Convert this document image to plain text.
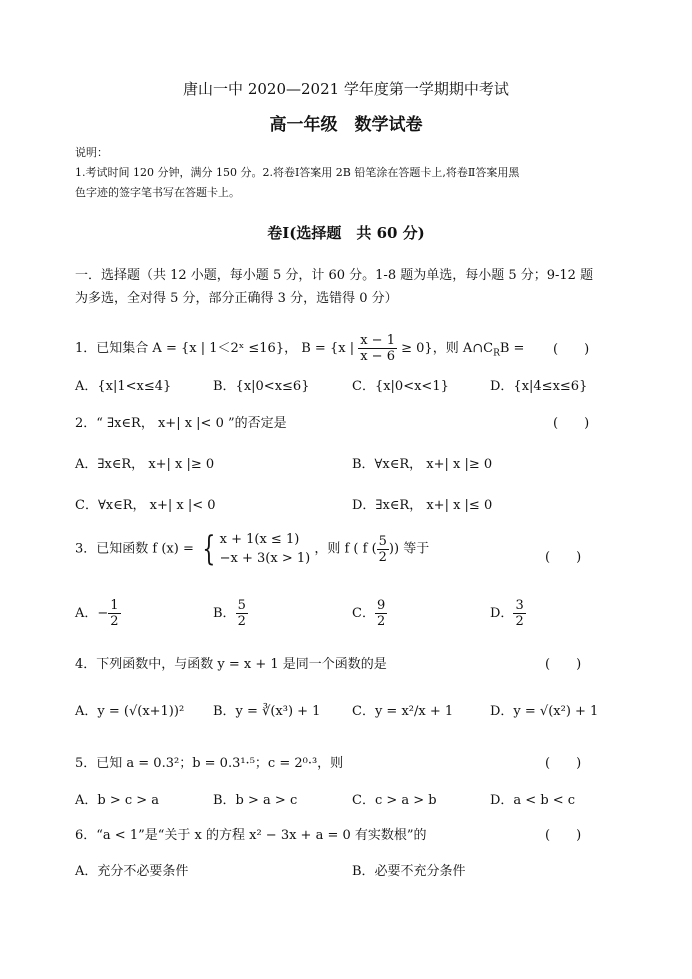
唐山一中 2020—2021 学年度第一学期期中考试
高一年级　数学试卷
说明：
1.考试时间 120 分钟，满分 150 分。2.将卷Ⅰ答案用 2B 铅笔涂在答题卡上,将卷Ⅱ答案用黑
色字迹的签字笔书写在答题卡上。
卷Ⅰ(选择题　共 60 分)
一．选择题（共 12 小题，每小题 5 分，计 60 分。1-8 题为单选，每小题 5 分；9-12 题
为多选，全对得 5 分，部分正确得 3 分，选错得 0 分）
1．已知集合 A = {x | 1＜2ˣ ≤16}， B = {x | $\frac{x - 1}{x - 6} \ge 0$}，则 $A\cap C_RB$ = (　　)
A．{x|1<x≤4}	B．{x|0<x≤6}	C．{x|0<x<1}	D．{x|4≤x≤6}
2．“ ∃x∈R， x+| x |< 0 ”的否定是	(　　)
A．∃x∈R， x+| x |≥ 0	B．∀x∈R， x+| x |≥ 0
C．∀x∈R， x+| x |< 0	D．∃x∈R， x+| x |≤ 0
3．已知函数 f (x) = { x + 1(x ≤ 1)
−x + 3(x > 1)
，则 f ( f ( $\frac{5}{2}$ )) 等于
(　　)
A．− $\frac{1}{2}$	B． $\frac{5}{2}$	C． $\frac{9}{2}$	D． $\frac{3}{2}$
4．下列函数中，与函数 y = x + 1 是同一个函数的是	(　　)
A．y = (√(x+1))² B．y = ∛(x³) + 1 C．y = x²/x + 1	D．y = √(x²) + 1
5．已知 a = 0.3²；b = 0.3¹·⁵；c = 2⁰·³，则	(　　)
A．b > c > a	B．b > a > c	C．c > a > b	D．a < b < c
6．“a < 1”是“关于 x 的方程 x² − 3x + a = 0 有实数根”的	(　　)
A．充分不必要条件	B．必要不充分条件
